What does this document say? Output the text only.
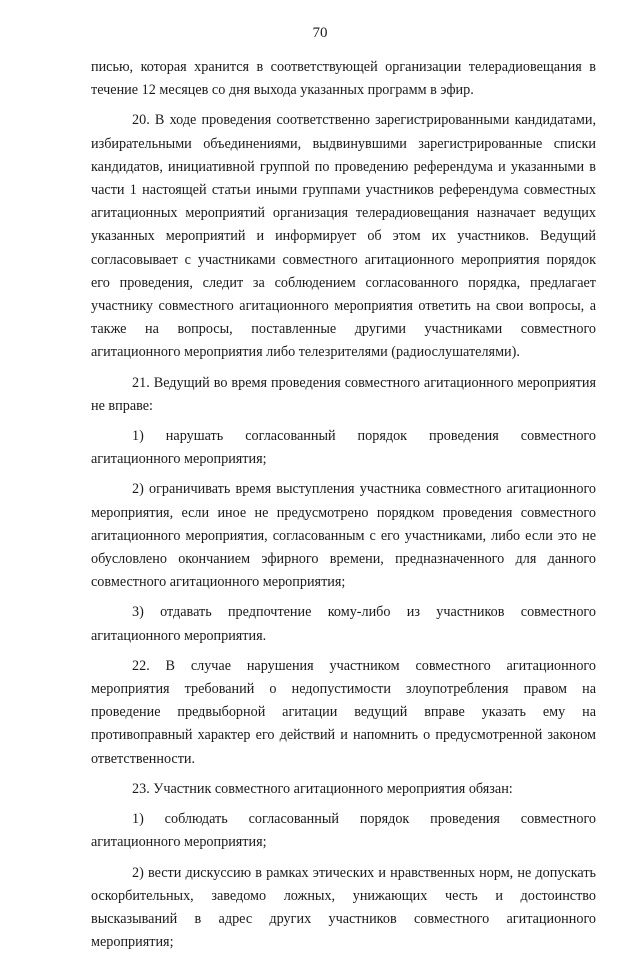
70

писью, которая хранится в соответствующей организации телерадиовещания в течение 12 месяцев со дня выхода указанных программ в эфир.

20. В ходе проведения соответственно зарегистрированными кандидатами, избирательными объединениями, выдвинувшими зарегистрированные списки кандидатов, инициативной группой по проведению референдума и указанными в части 1 настоящей статьи иными группами участников референдума совместных агитационных мероприятий организация телерадиовещания назначает ведущих указанных мероприятий и информирует об этом их участников. Ведущий согласовывает с участниками совместного агитационного мероприятия порядок его проведения, следит за соблюдением согласованного порядка, предлагает участнику совместного агитационного мероприятия ответить на свои вопросы, а также на вопросы, поставленные другими участниками совместного агитационного мероприятия либо телезрителями (радиослушателями).

21. Ведущий во время проведения совместного агитационного мероприятия не вправе:

1) нарушать согласованный порядок проведения совместного агитационного мероприятия;

2) ограничивать время выступления участника совместного агитационного мероприятия, если иное не предусмотрено порядком проведения совместного агитационного мероприятия, согласованным с его участниками, либо если это не обусловлено окончанием эфирного времени, предназначенного для данного совместного агитационного мероприятия;

3) отдавать предпочтение кому-либо из участников совместного агитационного мероприятия.

22. В случае нарушения участником совместного агитационного мероприятия требований о недопустимости злоупотребления правом на проведение предвыборной агитации ведущий вправе указать ему на противоправный характер его действий и напомнить о предусмотренной законом ответственности.

23. Участник совместного агитационного мероприятия обязан:

1) соблюдать согласованный порядок проведения совместного агитационного мероприятия;

2) вести дискуссию в рамках этических и нравственных норм, не допускать оскорбительных, заведомо ложных, унижающих честь и достоинство высказываний в адрес других участников совместного агитационного мероприятия;
